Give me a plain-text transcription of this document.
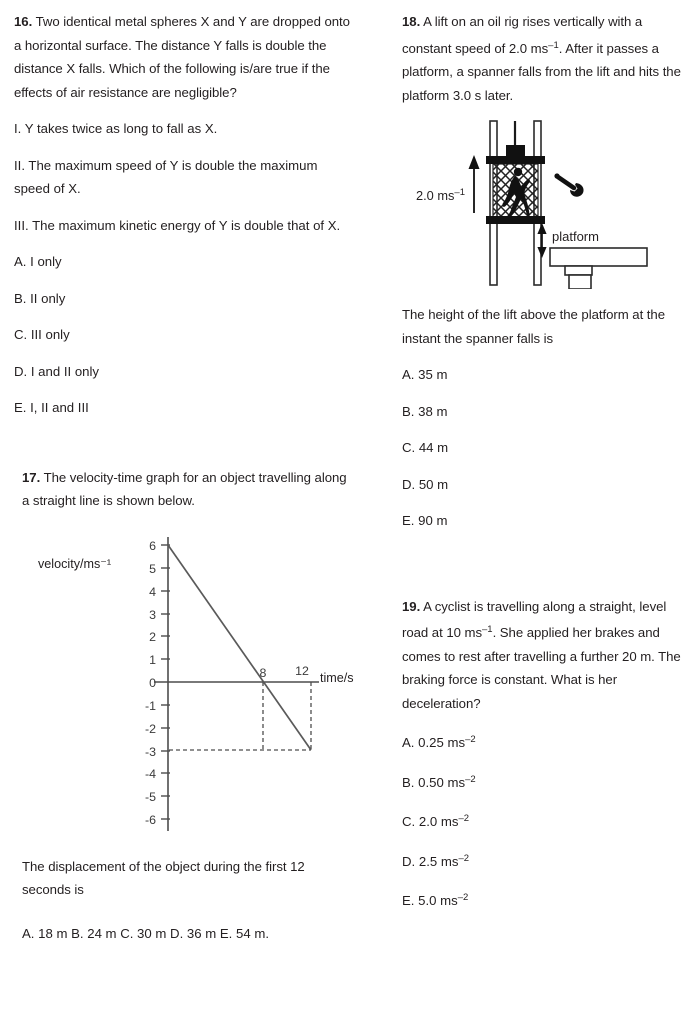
16. Two identical metal spheres X and Y are dropped onto a horizontal surface. The distance Y falls is double the distance X falls. Which of the following is/are true if the effects of air resistance are negligible?
I. Y takes twice as long to fall as X.
II. The maximum speed of Y is double the maximum speed of X.
III. The maximum kinetic energy of Y is double that of X.
A. I only
B. II only
C. III only
D. I and II only
E. I, II and III
17. The velocity-time graph for an object travelling along a straight line is shown below.
velocity/ms⁻¹
time/s
6
5
4
3
2
1
0
-1
-2
-3
-4
-5
-6
8 12
The displacement of the object during the first 12 seconds is
A. 18 m B. 24 m C. 30 m D. 36 m E. 54 m.
18. A lift on an oil rig rises vertically with a constant speed of 2.0 $ms^{-1}$. After it passes a platform, a spanner falls from the lift and hits the platform 3.0 s later.
2.0 $ms^{-1}$
platform
The height of the lift above the platform at the instant the spanner falls is
A. 35 m
B. 38 m
C. 44 m
D. 50 m
E. 90 m
19. A cyclist is travelling along a straight, level road at 10 $ms^{-1}$. She applied her brakes and comes to rest after travelling a further 20 m. The braking force is constant. What is her deceleration?
A. 0.25 $ms^{-2}$
B. 0.50 $ms^{-2}$
C. 2.0 $ms^{-2}$
D. 2.5 $ms^{-2}$
E. 5.0 $ms^{-2}$
